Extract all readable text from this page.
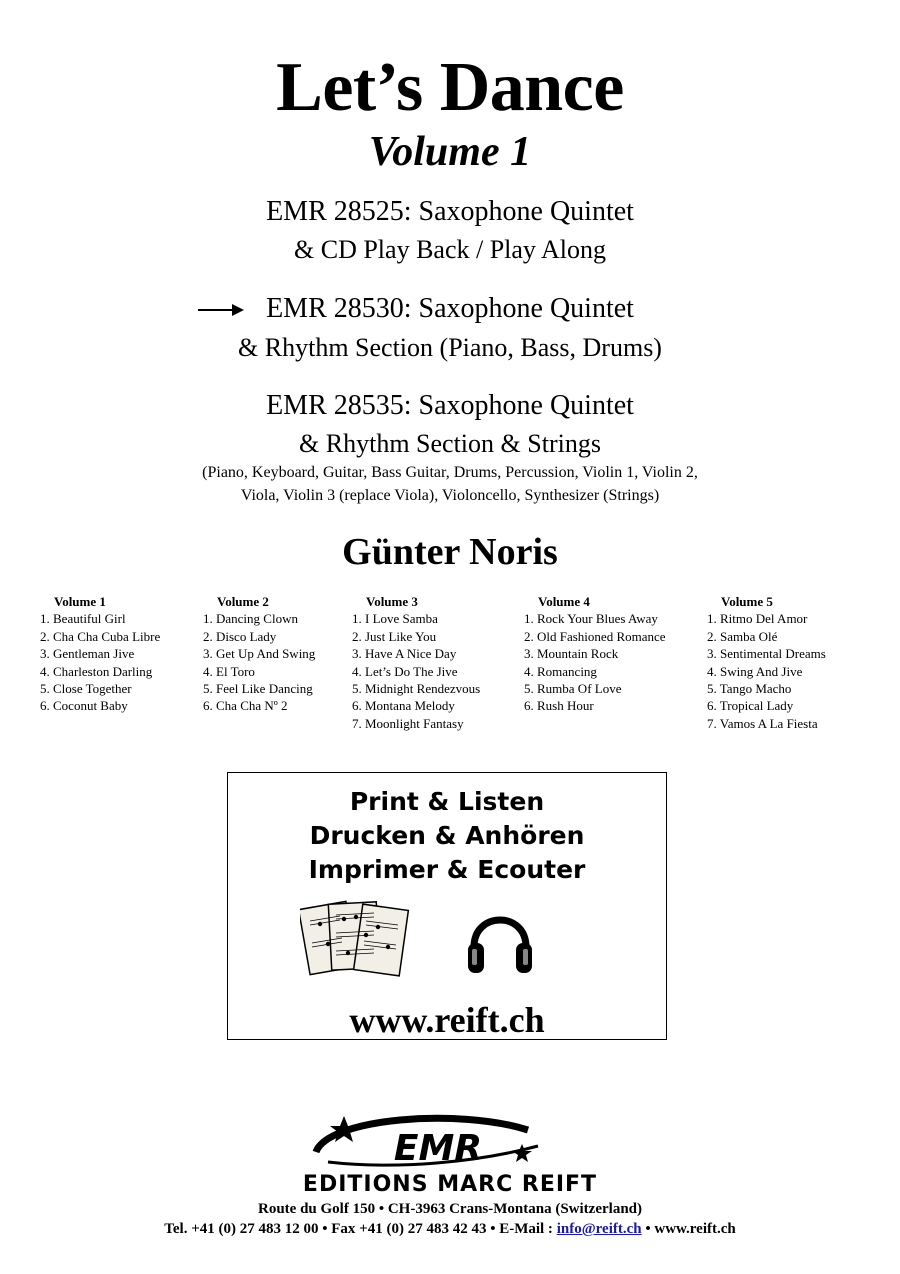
Let’s Dance
Volume 1
EMR 28525: Saxophone Quintet
& CD Play Back / Play Along
EMR 28530: Saxophone Quintet
& Rhythm Section (Piano, Bass, Drums)
EMR 28535: Saxophone Quintet
& Rhythm Section & Strings
(Piano, Keyboard, Guitar, Bass Guitar, Drums, Percussion, Violin 1, Violin 2,
Viola, Violin 3 (replace Viola), Violoncello, Synthesizer (Strings)
Günter Noris
Volume 1
1. Beautiful Girl
2. Cha Cha Cuba Libre
3. Gentleman Jive
4. Charleston Darling
5. Close Together
6. Coconut Baby
Volume 2
1. Dancing Clown
2. Disco Lady
3. Get Up And Swing
4. El Toro
5. Feel Like Dancing
6. Cha Cha Nº 2
Volume 3
1. I Love Samba
2. Just Like You
3. Have A Nice Day
4. Let’s Do The Jive
5. Midnight Rendezvous
6. Montana Melody
7. Moonlight Fantasy
Volume 4
1. Rock Your Blues Away
2. Old Fashioned Romance
3. Mountain Rock
4. Romancing
5. Rumba Of Love
6. Rush Hour
Volume 5
1. Ritmo Del Amor
2. Samba Olé
3. Sentimental Dreams
4. Swing And Jive
5. Tango Macho
6. Tropical Lady
7. Vamos A La Fiesta
Print & Listen
Drucken & Anhören
Imprimer & Ecouter
www.reift.ch
EMR
EDITIONS MARC REIFT
Route du Golf 150 • CH-3963 Crans-Montana (Switzerland)
Tel. +41 (0) 27 483 12 00 • Fax +41 (0) 27 483 42 43 • E-Mail : info@reift.ch • www.reift.ch
